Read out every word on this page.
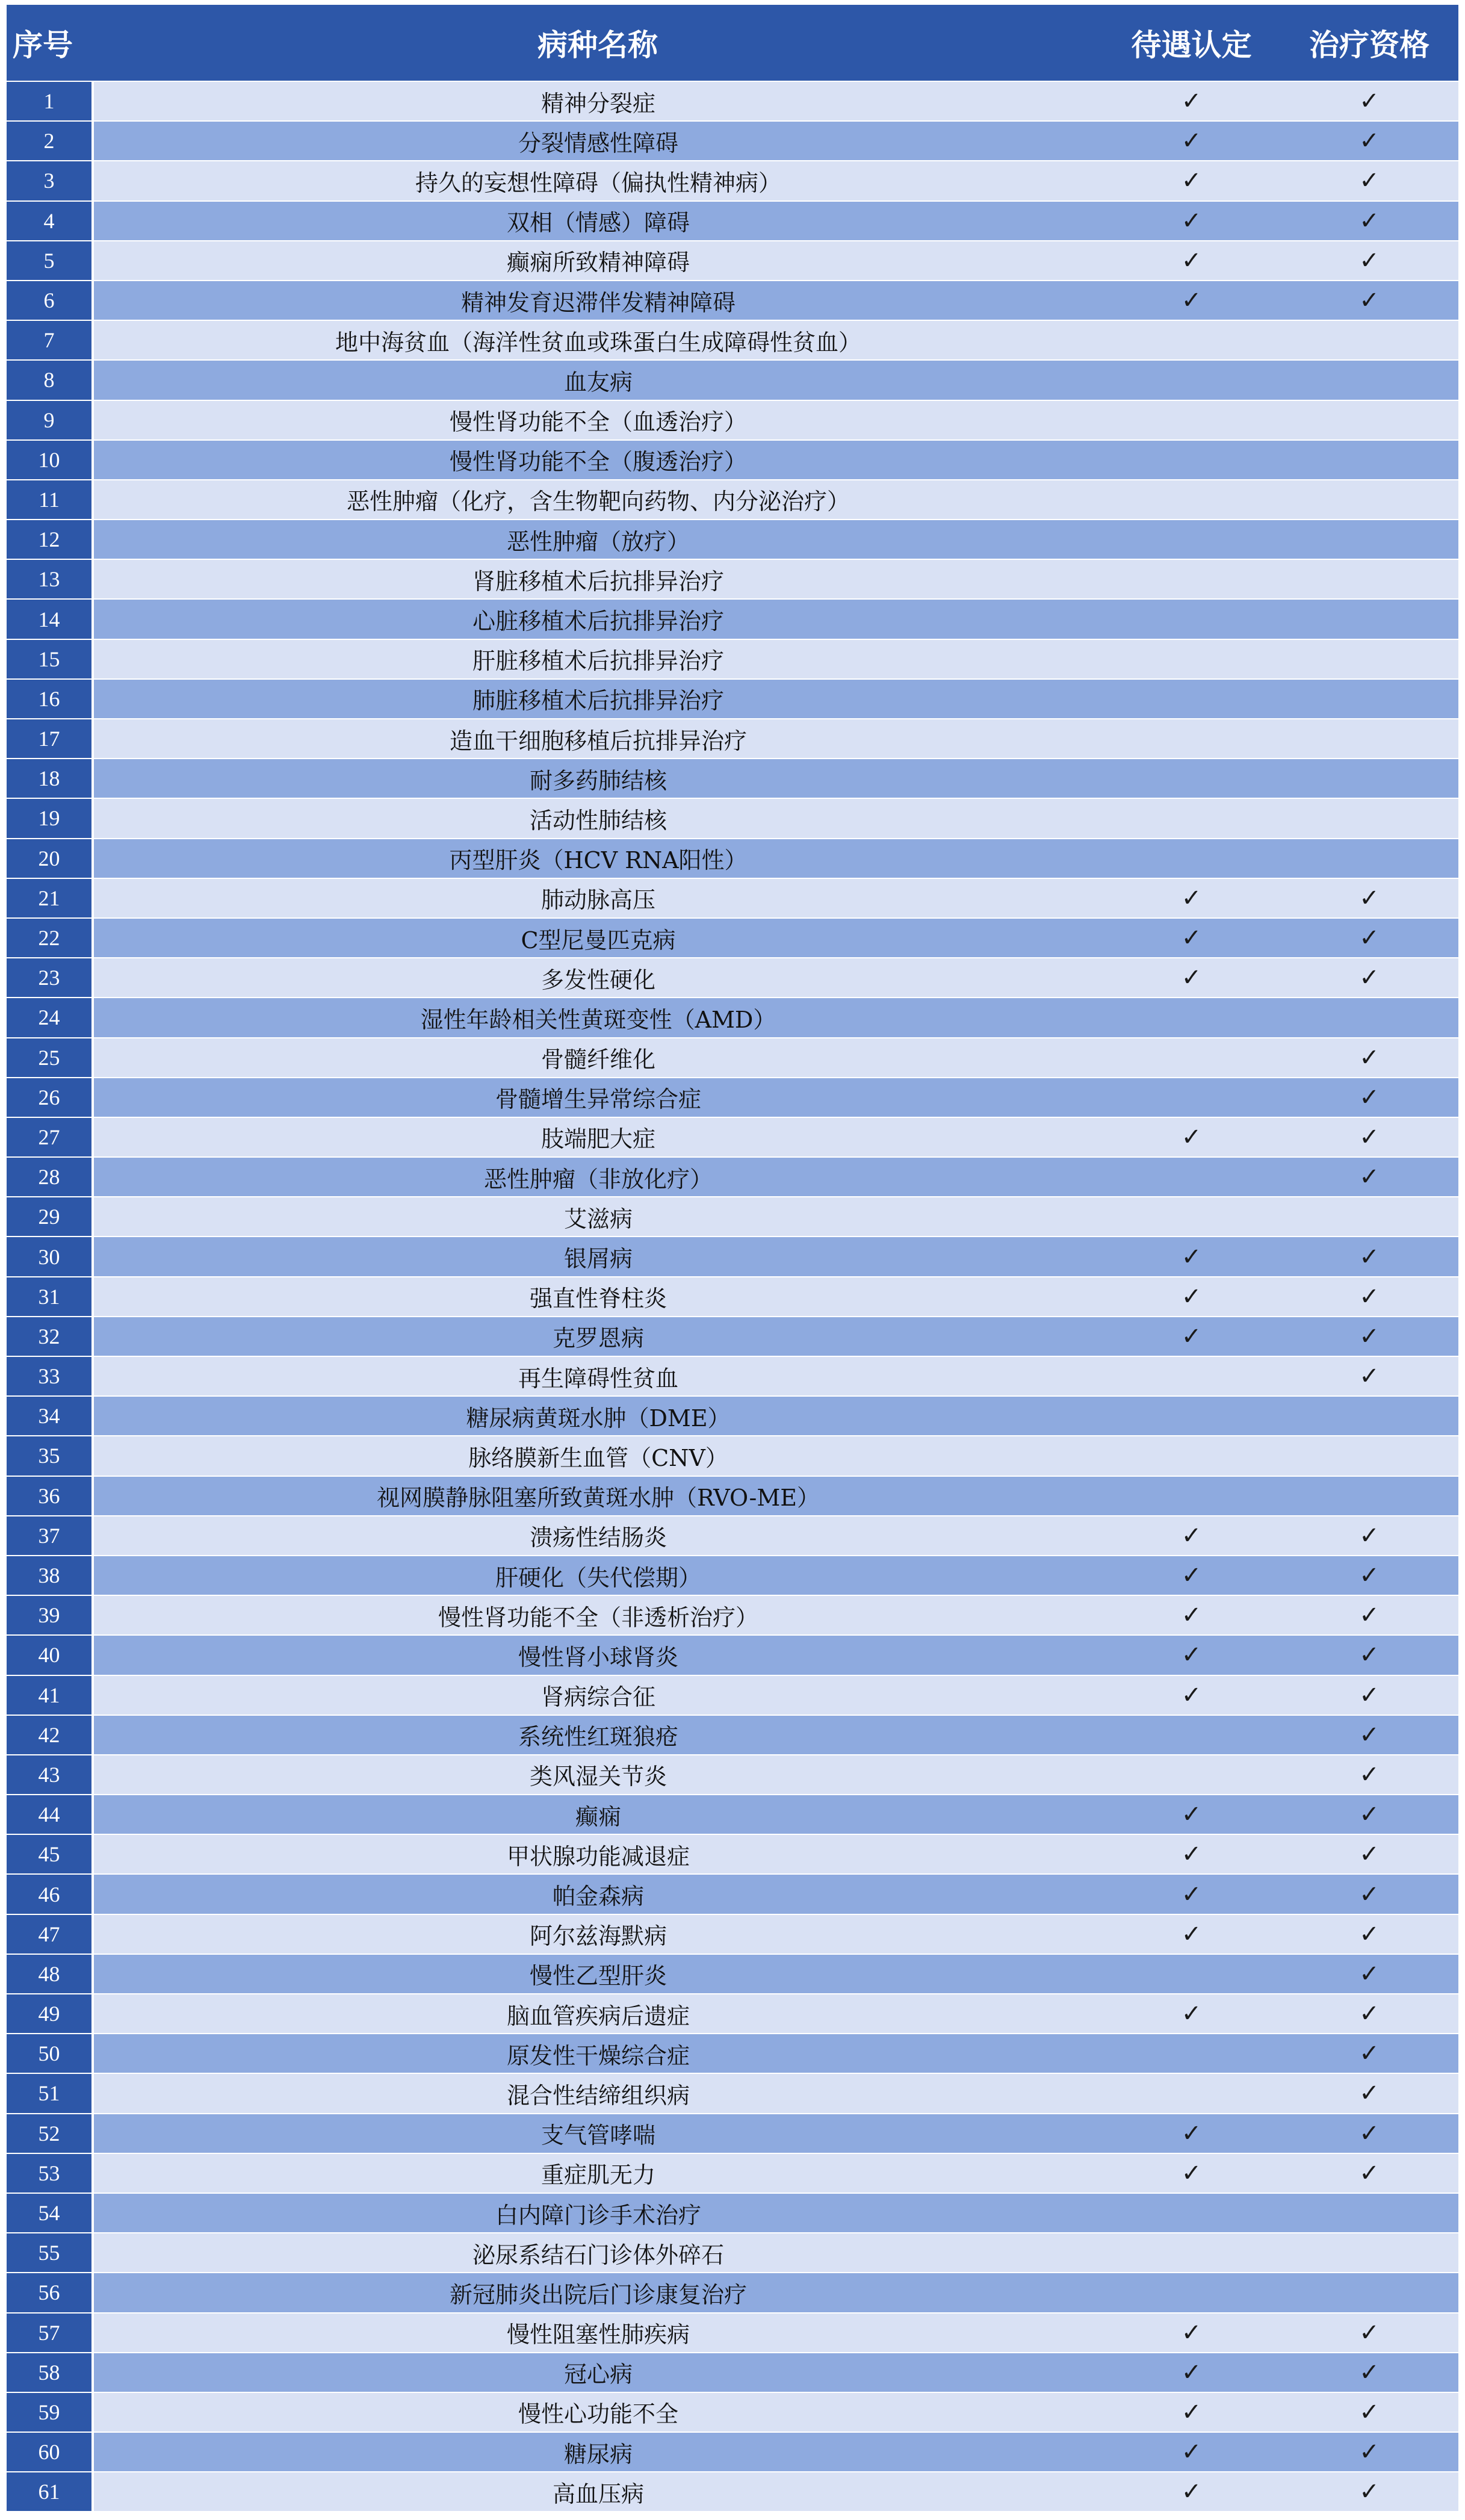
序号	病种名称	待遇认定	治疗资格
1	精神分裂症	✓	✓
2	分裂情感性障碍	✓	✓
3	持久的妄想性障碍（偏执性精神病）	✓	✓
4	双相（情感）障碍	✓	✓
5	癫痫所致精神障碍	✓	✓
6	精神发育迟滞伴发精神障碍	✓	✓
7	地中海贫血（海洋性贫血或珠蛋白生成障碍性贫血）		
8	血友病		
9	慢性肾功能不全（血透治疗）		
10	慢性肾功能不全（腹透治疗）		
11	恶性肿瘤（化疗，含生物靶向药物、内分泌治疗）		
12	恶性肿瘤（放疗）		
13	肾脏移植术后抗排异治疗		
14	心脏移植术后抗排异治疗		
15	肝脏移植术后抗排异治疗		
16	肺脏移植术后抗排异治疗		
17	造血干细胞移植后抗排异治疗		
18	耐多药肺结核		
19	活动性肺结核		
20	丙型肝炎（HCV RNA阳性）		
21	肺动脉高压	✓	✓
22	C型尼曼匹克病	✓	✓
23	多发性硬化	✓	✓
24	湿性年龄相关性黄斑变性（AMD）		
25	骨髓纤维化		✓
26	骨髓增生异常综合症		✓
27	肢端肥大症	✓	✓
28	恶性肿瘤（非放化疗）		✓
29	艾滋病		
30	银屑病	✓	✓
31	强直性脊柱炎	✓	✓
32	克罗恩病	✓	✓
33	再生障碍性贫血		✓
34	糖尿病黄斑水肿（DME）		
35	脉络膜新生血管（CNV）		
36	视网膜静脉阻塞所致黄斑水肿（RVO-ME）		
37	溃疡性结肠炎	✓	✓
38	肝硬化（失代偿期）	✓	✓
39	慢性肾功能不全（非透析治疗）	✓	✓
40	慢性肾小球肾炎	✓	✓
41	肾病综合征	✓	✓
42	系统性红斑狼疮		✓
43	类风湿关节炎		✓
44	癫痫	✓	✓
45	甲状腺功能减退症	✓	✓
46	帕金森病	✓	✓
47	阿尔兹海默病	✓	✓
48	慢性乙型肝炎		✓
49	脑血管疾病后遗症	✓	✓
50	原发性干燥综合症		✓
51	混合性结缔组织病		✓
52	支气管哮喘	✓	✓
53	重症肌无力	✓	✓
54	白内障门诊手术治疗		
55	泌尿系结石门诊体外碎石		
56	新冠肺炎出院后门诊康复治疗		
57	慢性阻塞性肺疾病	✓	✓
58	冠心病	✓	✓
59	慢性心功能不全	✓	✓
60	糖尿病	✓	✓
61	高血压病	✓	✓
